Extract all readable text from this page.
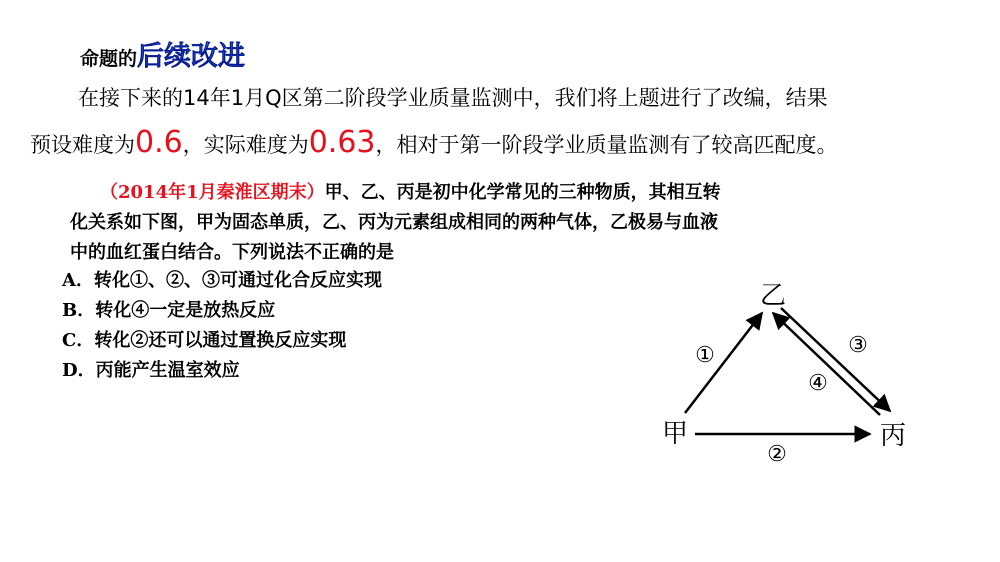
命题的后续改进
在接下来的14年1月Q区第二阶段学业质量监测中，我们将上题进行了改编，结果
预设难度为0.6，实际难度为0.63，相对于第一阶段学业质量监测有了较高匹配度。
（2014年1月秦淮区期末）甲、乙、丙是初中化学常见的三种物质，其相互转
化关系如下图，甲为固态单质，乙、丙为元素组成相同的两种气体，乙极易与血液
中的血红蛋白结合。下列说法不正确的是
A．转化①、②、③可通过化合反应实现
B．转化④一定是放热反应
C．转化②还可以通过置换反应实现
D．丙能产生温室效应
甲
乙
丙
①
②
③
④
